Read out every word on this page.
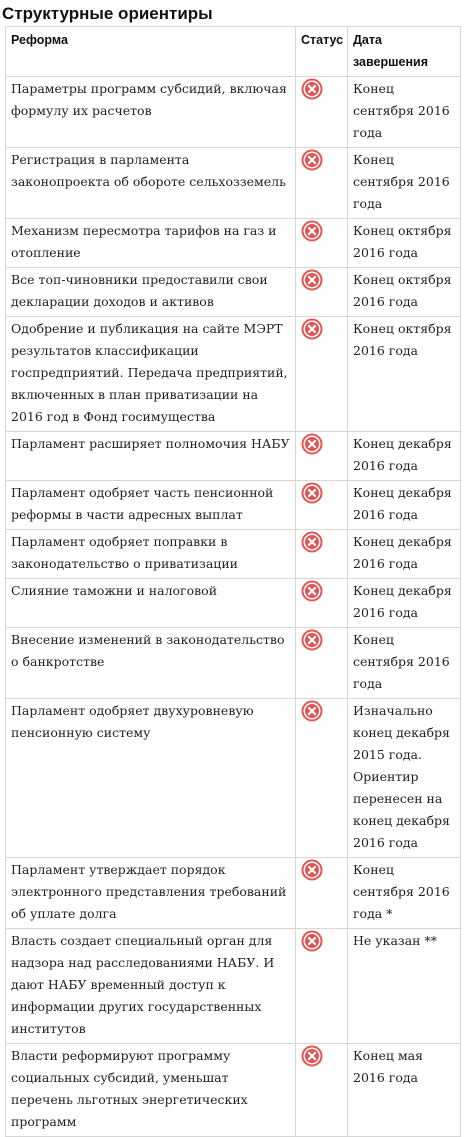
Структурные ориентиры
Реформа	Статус	Дата завершения
Параметры программ субсидий, включая формулу их расчетов		Конец сентября 2016 года
Регистрация в парламента законопроекта об обороте сельхозземель		Конец сентября 2016 года
Механизм пересмотра тарифов на газ и отопление		Конец октября 2016 года
Все топ-чиновники предоставили свои декларации доходов и активов		Конец октября 2016 года
Одобрение и публикация на сайте МЭРТ результатов классификации госпредприятий. Передача предприятий, включенных в план приватизации на 2016 год в Фонд госимущества		Конец октября 2016 года
Парламент расширяет полномочия НАБУ		Конец декабря 2016 года
Парламент одобряет часть пенсионной реформы в части адресных выплат		Конец декабря 2016 года
Парламент одобряет поправки в законодательство о приватизации		Конец декабря 2016 года
Слияние таможни и налоговой		Конец декабря 2016 года
Внесение изменений в законодательство о банкротстве		Конец сентября 2016 года
Парламент одобряет двухуровневую пенсионную систему		Изначально конец декабря 2015 года. Ориентир перенесен на конец декабря 2016 года
Парламент утверждает порядок электронного представления требований об уплате долга		Конец сентября 2016 года *
Власть создает специальный орган для надзора над расследованиями НАБУ. И дают НАБУ временный доступ к информации других государственных институтов		Не указан **
Власти реформируют программу социальных субсидий, уменьшат перечень льготных энергетических программ		Конец мая 2016 года
